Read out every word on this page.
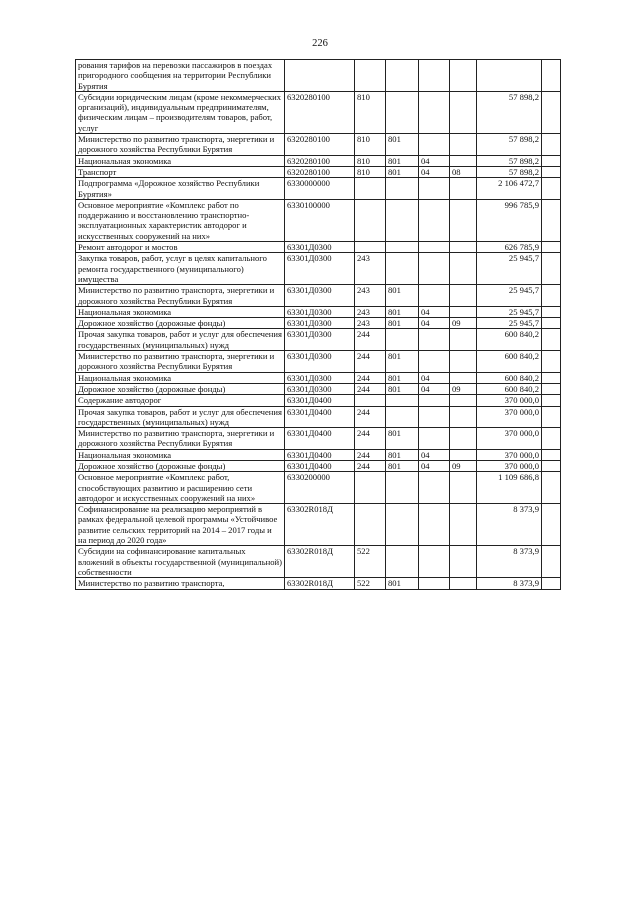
226
рования тарифов на перевозки пассажиров в поездах пригородного сообщения на территории Республики Бурятия							
Субсидии юридическим лицам (кроме некоммерческих организаций), индивидуальным предпринимателям, физическим лицам – производителям товаров, работ, услуг	6320280100	810				57 898,2	
Министерство по развитию транспорта, энергетики и дорожного хозяйства Республики Бурятия	6320280100	810	801			57 898,2	
Национальная экономика	6320280100	810	801	04		57 898,2	
Транспорт	6320280100	810	801	04	08	57 898,2	
Подпрограмма «Дорожное хозяйство Республики Бурятия»	6330000000					2 106 472,7	
Основное мероприятие «Комплекс работ по поддержанию и восстановлению транспортно-эксплуатационных характеристик автодорог и искусственных сооружений на них»	6330100000					996 785,9	
Ремонт автодорог и мостов	63301Д0300					626 785,9	
Закупка товаров, работ, услуг в целях капитального ремонта государственного (муниципального) имущества	63301Д0300	243				25 945,7	
Министерство по развитию транспорта, энергетики и дорожного хозяйства Республики Бурятия	63301Д0300	243	801			25 945,7	
Национальная экономика	63301Д0300	243	801	04		25 945,7	
Дорожное хозяйство (дорожные фонды)	63301Д0300	243	801	04	09	25 945,7	
Прочая закупка товаров, работ и услуг для обеспечения государственных (муниципальных) нужд	63301Д0300	244				600 840,2	
Министерство по развитию транспорта, энергетики и дорожного хозяйства Республики Бурятия	63301Д0300	244	801			600 840,2	
Национальная экономика	63301Д0300	244	801	04		600 840,2	
Дорожное хозяйство (дорожные фонды)	63301Д0300	244	801	04	09	600 840,2	
Содержание автодорог	63301Д0400					370 000,0	
Прочая закупка товаров, работ и услуг для обеспечения государственных (муниципальных) нужд	63301Д0400	244				370 000,0	
Министерство по развитию транспорта, энергетики и дорожного хозяйства Республики Бурятия	63301Д0400	244	801			370 000,0	
Национальная экономика	63301Д0400	244	801	04		370 000,0	
Дорожное хозяйство (дорожные фонды)	63301Д0400	244	801	04	09	370 000,0	
Основное мероприятие «Комплекс работ, способствующих развитию и расширению сети автодорог и искусственных сооружений на них»	6330200000					1 109 686,8	
Софинансирование на реализацию мероприятий в рамках федеральной целевой программы «Устойчивое развитие сельских территорий на 2014 – 2017 годы и на период до 2020 года»	63302R018Д					8 373,9	
Субсидии на софинансирование капитальных вложений в объекты государственной (муниципальной) собственности	63302R018Д	522				8 373,9	
Министерство по развитию транспорта,	63302R018Д	522	801			8 373,9	
